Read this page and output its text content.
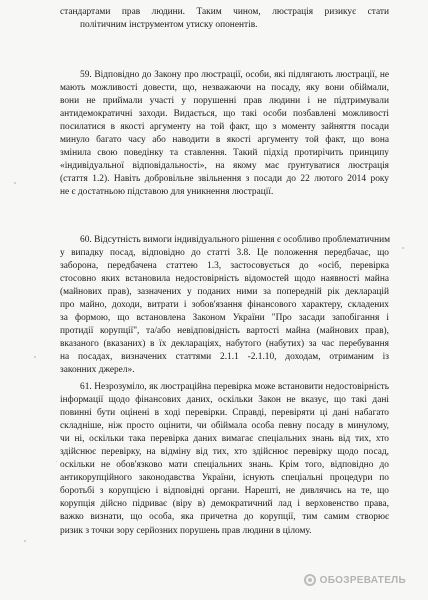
стандартами прав людини. Таким чином, люстрація ризикує стати
політичним інструментом утиску опонентів.
59. Відповідно до Закону про люстрації, особи, які підлягають люстрації, не
мають можливості довести, що, незважаючи на посаду, яку вони обіймали,
вони не приймали участі у порушенні прав людини і не підтримували
антидемократичні заходи. Видається, що такі особи позбавлені можливості
посилатися в якості аргументу на той факт, що з моменту зайняття посади
минуло багато часу або наводити в якості аргументу той факт, що вона
змінила свою поведінку та ставлення. Такий підхід протирічить принципу
«індивідуальної відповідальності», на якому має ґрунтуватися люстрація
(стаття 1.2). Навіть добровільне звільнення з посади до 22 лютого 2014 року
не є достатньою підставою для уникнення люстрації.
60. Відсутність вимоги індивідуального рішення є особливо проблематичним
у випадку посад, відповідно до статті 3.8. Це положення передбачає, що
заборона, передбачена статтею 1.3, застосовується до «осіб, перевірка
стосовно яких встановила недостовірність відомостей щодо наявності майна
(майнових прав), зазначених у поданих ними за попередній рік декларацій
про майно, доходи, витрати і зобов'язання фінансового характеру, складених
за формою, що встановлена Законом України "Про засади запобігання і
протидії корупції", та/або невідповідність вартості майна (майнових прав),
вказаного (вказаних) в їх деклараціях, набутого (набутих) за час перебування
на посадах, визначених статтями 2.1.1 -2.1.10, доходам, отриманим із
законних джерел».
61. Незрозуміло, як люстраційна перевірка може встановити недостовірність
інформації щодо фінансових даних, оскільки Закон не вказує, що такі дані
повинні бути оцінені в ході перевірки. Справді, перевіряти ці дані набагато
складніше, ніж просто оцінити, чи обіймала особа певну посаду в минулому,
чи ні, оскільки така перевірка даних вимагає спеціальних знань від тих, хто
здійснює перевірку, на відміну від тих, хто здійснює перевірку щодо посад,
оскільки не обов'язково мати спеціальних знань. Крім того, відповідно до
антикорупційного законодавства України, існують спеціальні процедури по
боротьбі з корупцією і відповідні органи. Нарешті, не дивлячись на те, що
корупція дійсно підриває (віру в) демократичний лад і верховенство права,
важко визнати, що особа, яка причетна до корупції, тим самим створює
ризик з точки зору серйозних порушень прав людини в цілому.
ОБОЗРЕВАТЕЛЬ
